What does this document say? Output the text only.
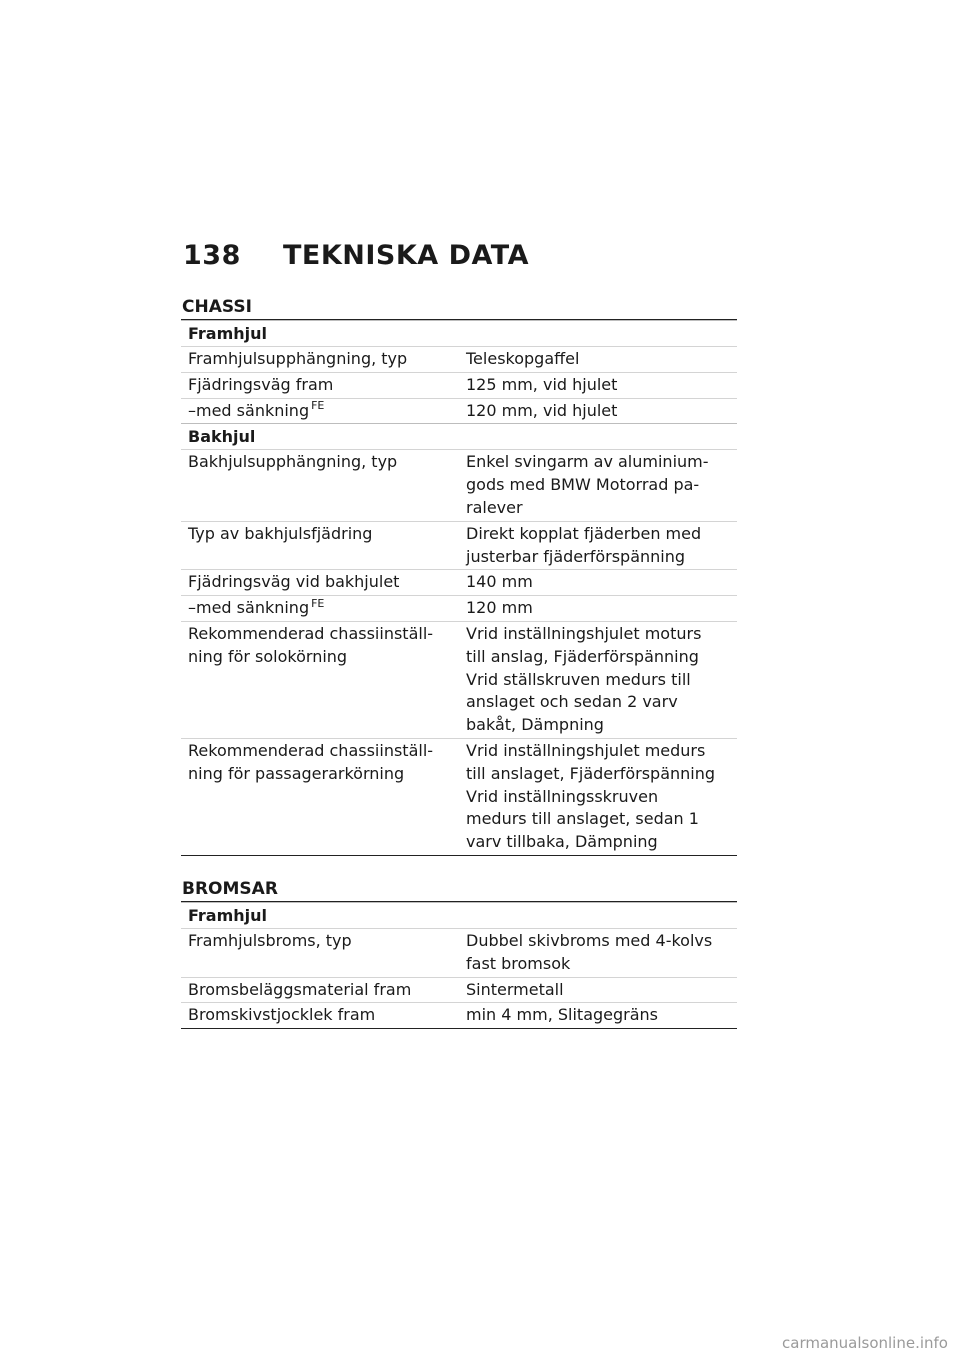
138 TEKNISKA DATA
CHASSI
Framhjul
Framhjulsupphängning, typ	Teleskopgaffel
Fjädringsväg fram	125 mm, vid hjulet
–med sänkning $^{FE}$	120 mm, vid hjulet
Bakhjul
Bakhjulsupphängning, typ	Enkel svingarm av aluminium-
gods med BMW Motorrad pa-
ralever
Typ av bakhjulsfjädring	Direkt kopplat fjäderben med
justerbar fjäderförspänning
Fjädringsväg vid bakhjulet	140 mm
–med sänkning $^{FE}$	120 mm
Rekommenderad chassiinställ-
ning för solokörning	Vrid inställningshjulet moturs
till anslag, Fjäderförspänning
Vrid ställskruven medurs till
anslaget och sedan 2 varv
bakåt, Dämpning
Rekommenderad chassiinställ-
ning för passagerarkörning	Vrid inställningshjulet medurs
till anslaget, Fjäderförspänning
Vrid inställningsskruven
medurs till anslaget, sedan 1
varv tillbaka, Dämpning
BROMSAR
Framhjul
Framhjulsbroms, typ	Dubbel skivbroms med 4-kolvs
fast bromsok
Bromsbeläggsmaterial fram	Sintermetall
Bromskivstjocklek fram	min 4 mm, Slitagegräns
carmanualsonline.info
